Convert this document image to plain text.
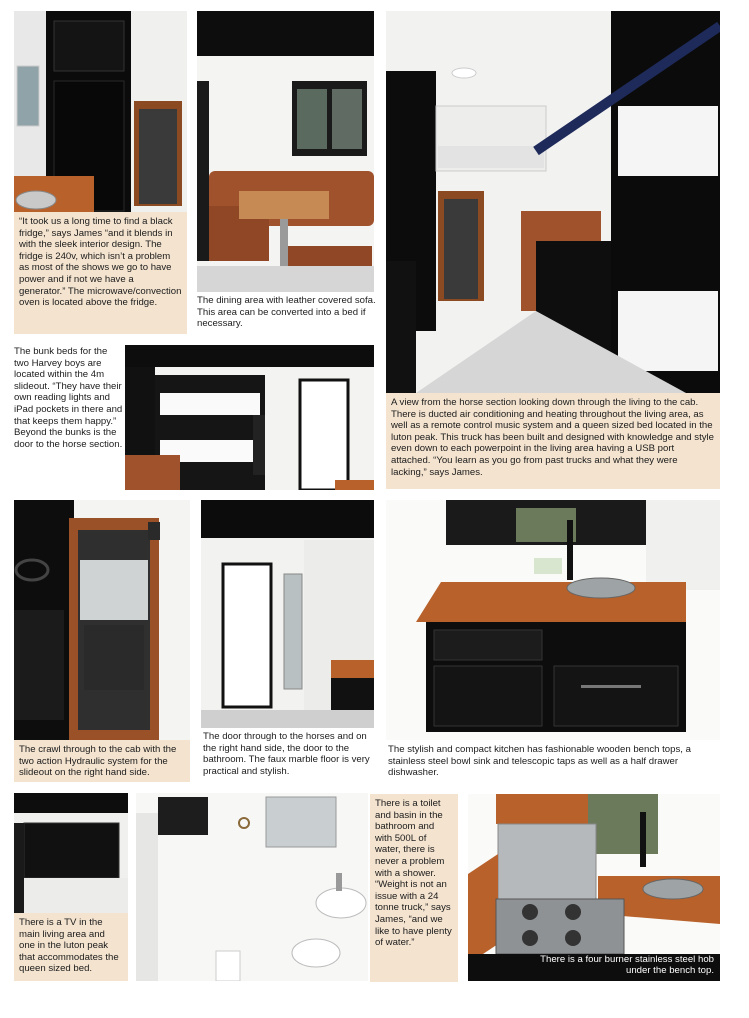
“It took us a long time to find a black fridge,” says James “and it blends in with the sleek interior design. The fridge is 240v, which isn’t a problem as most of the shows we go to have power and if not we have a generator.” The microwave/convection oven is located above the fridge.	The dining area with leather covered sofa. This area can be converted into a bed if necessary.
A view from the horse section looking down through the living to the cab. There is ducted air conditioning and heating throughout the living area, as well as a remote control music system and a queen sized bed located in the luton peak. This truck has been built and designed with knowledge and style even down to each powerpoint in the living area having a USB port attached. “You learn as you go from past trucks and what they were lacking,” says James.
The bunk beds for the two Harvey boys are located within the 4m slideout. “They have their own reading lights and iPad pockets in there and that keeps them happy.” Beyond the bunks is the door to the horse section.
The crawl through to the cab with the two action Hydraulic system for the slideout on the right hand side.
The door through to the horses and on the right hand side, the door to the bathroom. The faux marble floor is very practical and stylish.
The stylish and compact kitchen has fashionable wooden bench tops, a stainless steel bowl sink and telescopic taps as well as a half drawer dishwasher.
There is a TV in the main living area and one in the luton peak that accommodates the queen sized bed.
There is a toilet and basin in the bathroom and with 500L of water, there is never a problem with a shower. “Weight is not an issue with a 24 tonne truck,” says James, “and we like to have plenty of water.”
There is a four burner stainless steel hob under the bench top.
